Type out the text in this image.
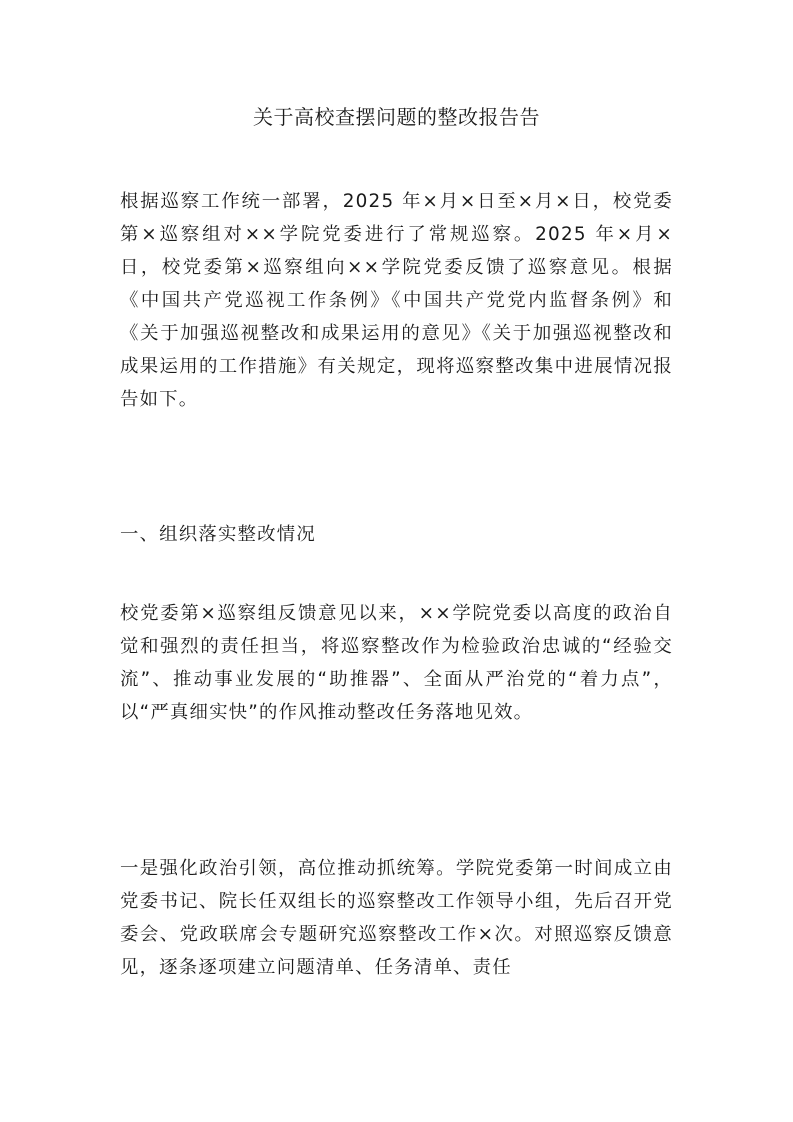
关于高校查摆问题的整改报告告

根据巡察工作统一部署，2025 年×月×日至×月×日，校党委第×巡察组对××学院党委进行了常规巡察。2025 年×月×日，校党委第×巡察组向××学院党委反馈了巡察意见。根据《中国共产党巡视工作条例》《中国共产党党内监督条例》和《关于加强巡视整改和成果运用的意见》《关于加强巡视整改和成果运用的工作措施》有关规定，现将巡察整改集中进展情况报告如下。

一、组织落实整改情况

校党委第×巡察组反馈意见以来，××学院党委以高度的政治自觉和强烈的责任担当，将巡察整改作为检验政治忠诚的“经验交流”、推动事业发展的“助推器”、全面从严治党的“着力点”，以“严真细实快”的作风推动整改任务落地见效。

一是强化政治引领，高位推动抓统筹。学院党委第一时间成立由党委书记、院长任双组长的巡察整改工作领导小组，先后召开党委会、党政联席会专题研究巡察整改工作×次。对照巡察反馈意见，逐条逐项建立问题清单、任务清单、责任
